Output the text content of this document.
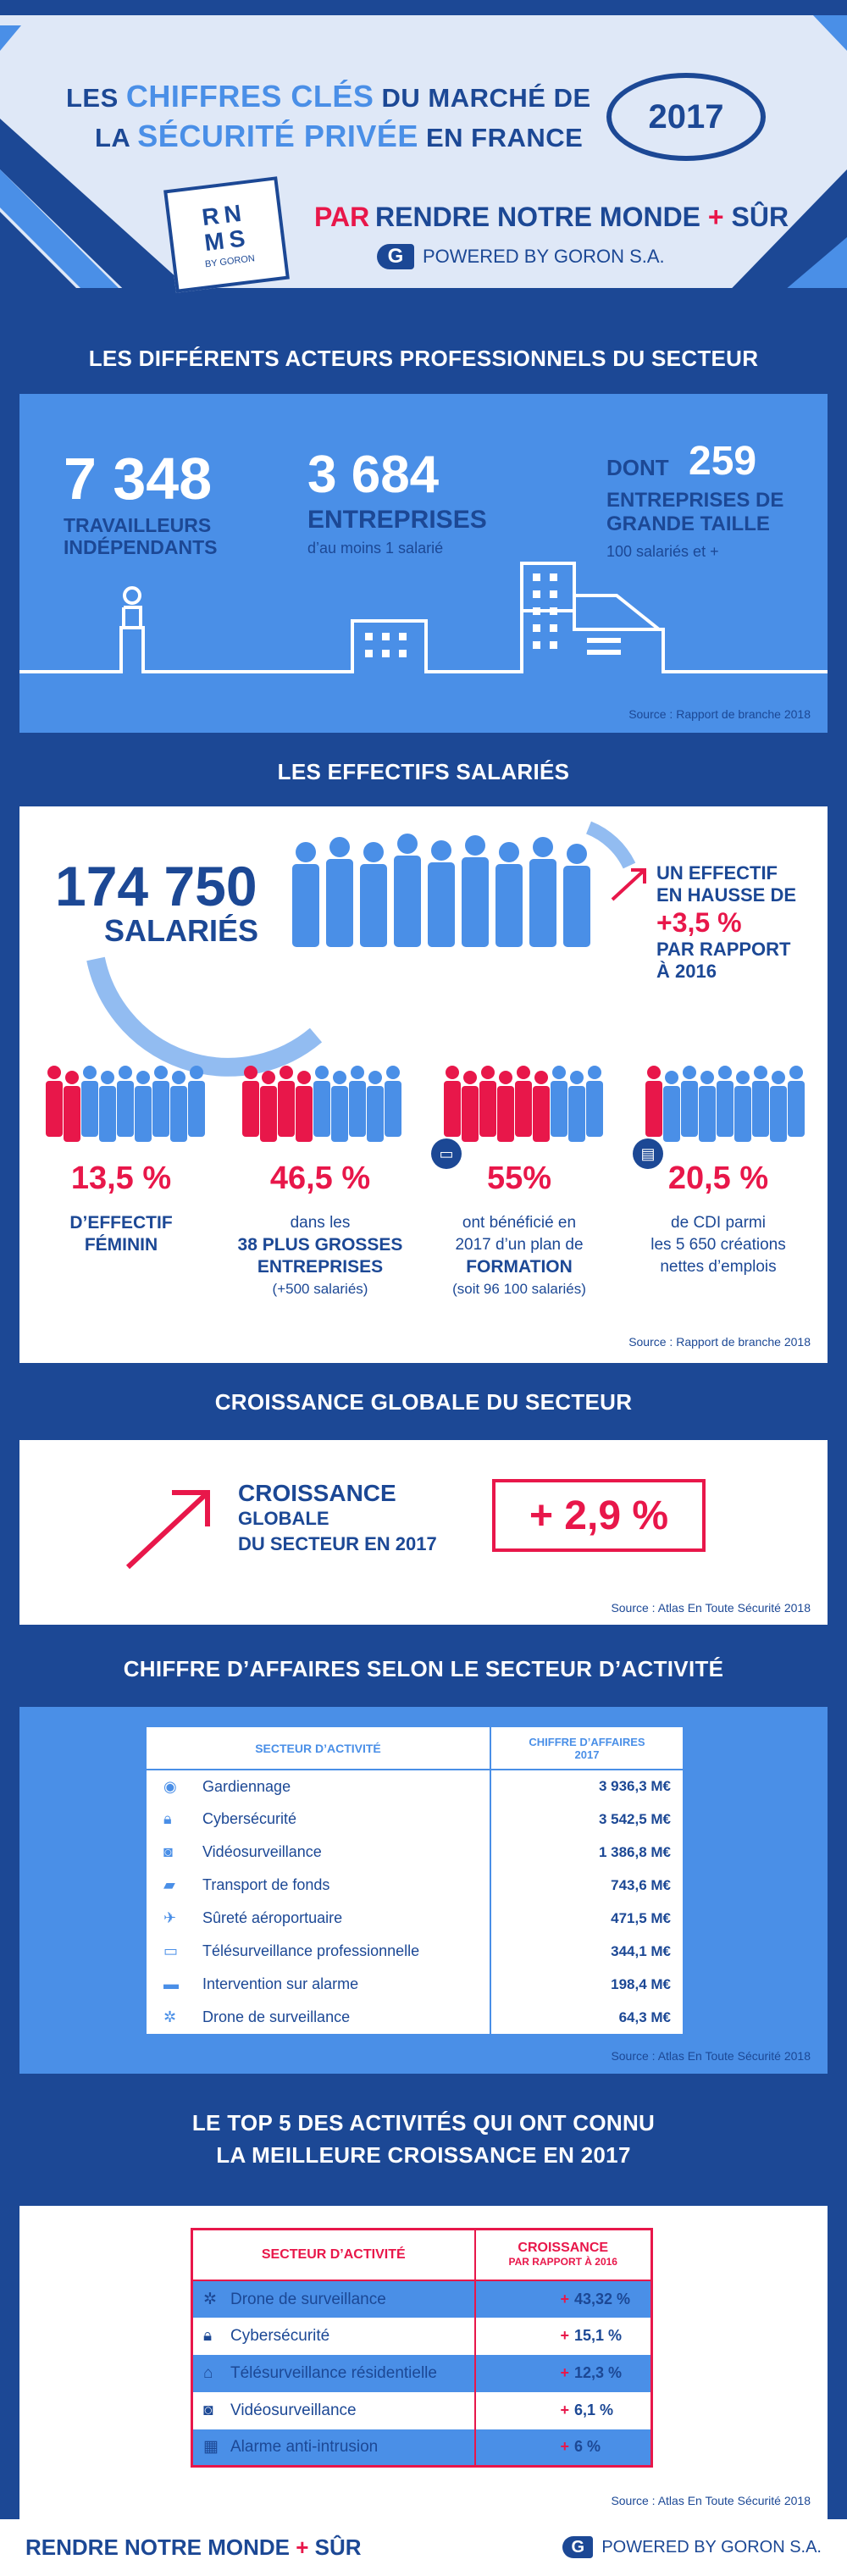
LES CHIFFRES CLÉS DU MARCHÉ DE
LA SÉCURITÉ PRIVÉE EN FRANCE
2017
RN
MS
BY GORON
PAR RENDRE NOTRE MONDE + SÛR
G	POWERED BY GORON S.A.
LES DIFFÉRENTS ACTEURS PROFESSIONNELS DU SECTEUR
7 348
TRAVAILLEURS
INDÉPENDANTS
3 684
ENTREPRISES
d’au moins 1 salarié
DONT 259
ENTREPRISES DE
GRANDE TAILLE
100 salariés et +
Source : Rapport de branche 2018
LES EFFECTIFS SALARIÉS
174 750
SALARIÉS
UN EFFECTIF
EN HAUSSE DE
+3,5 %
PAR RAPPORT
À 2016
▭	▤
13,5 %
D’EFFECTIF
FÉMININ
46,5 %
dans les
38 PLUS GROSSES
ENTREPRISES
(+500 salariés)
55%
ont bénéficié en
2017 d’un plan de
FORMATION
(soit 96 100 salariés)
20,5 %
de CDI parmi
les 5 650 créations
nettes d’emplois
Source : Rapport de branche 2018
CROISSANCE GLOBALE DU SECTEUR
CROISSANCE
GLOBALE
DU SECTEUR EN 2017
+ 2,9 %
Source : Atlas En Toute Sécurité 2018
CHIFFRE D’AFFAIRES SELON LE SECTEUR D’ACTIVITÉ
SECTEUR D’ACTIVITÉ	CHIFFRE D’AFFAIRES
2017

◉ Gardiennage	3 936,3 M€
🔒︎ Cybersécurité	3 542,5 M€
◙ Vidéosurveillance	1 386,8 M€
▰ Transport de fonds	743,6 M€
✈ Sûreté aéroportuaire	471,5 M€
▭ Télésurveillance professionnelle	344,1 M€
▬ Intervention sur alarme	198,4 M€
✲ Drone de surveillance	64,3 M€
Source : Atlas En Toute Sécurité 2018
LE TOP 5 DES ACTIVITÉS QUI ONT CONNU
LA MEILLEURE CROISSANCE EN 2017
SECTEUR D’ACTIVITÉ	CROISSANCE
PAR RAPPORT À 2016

✲ Drone de surveillance	+ 43,32 %
🔒︎ Cybersécurité	+ 15,1 %
⌂ Télésurveillance résidentielle	+ 12,3 %
◙ Vidéosurveillance	+ 6,1 %
▦ Alarme anti-intrusion	+ 6 %
Source : Atlas En Toute Sécurité 2018
RENDRE NOTRE MONDE + SÛR	G	POWERED BY GORON S.A.
